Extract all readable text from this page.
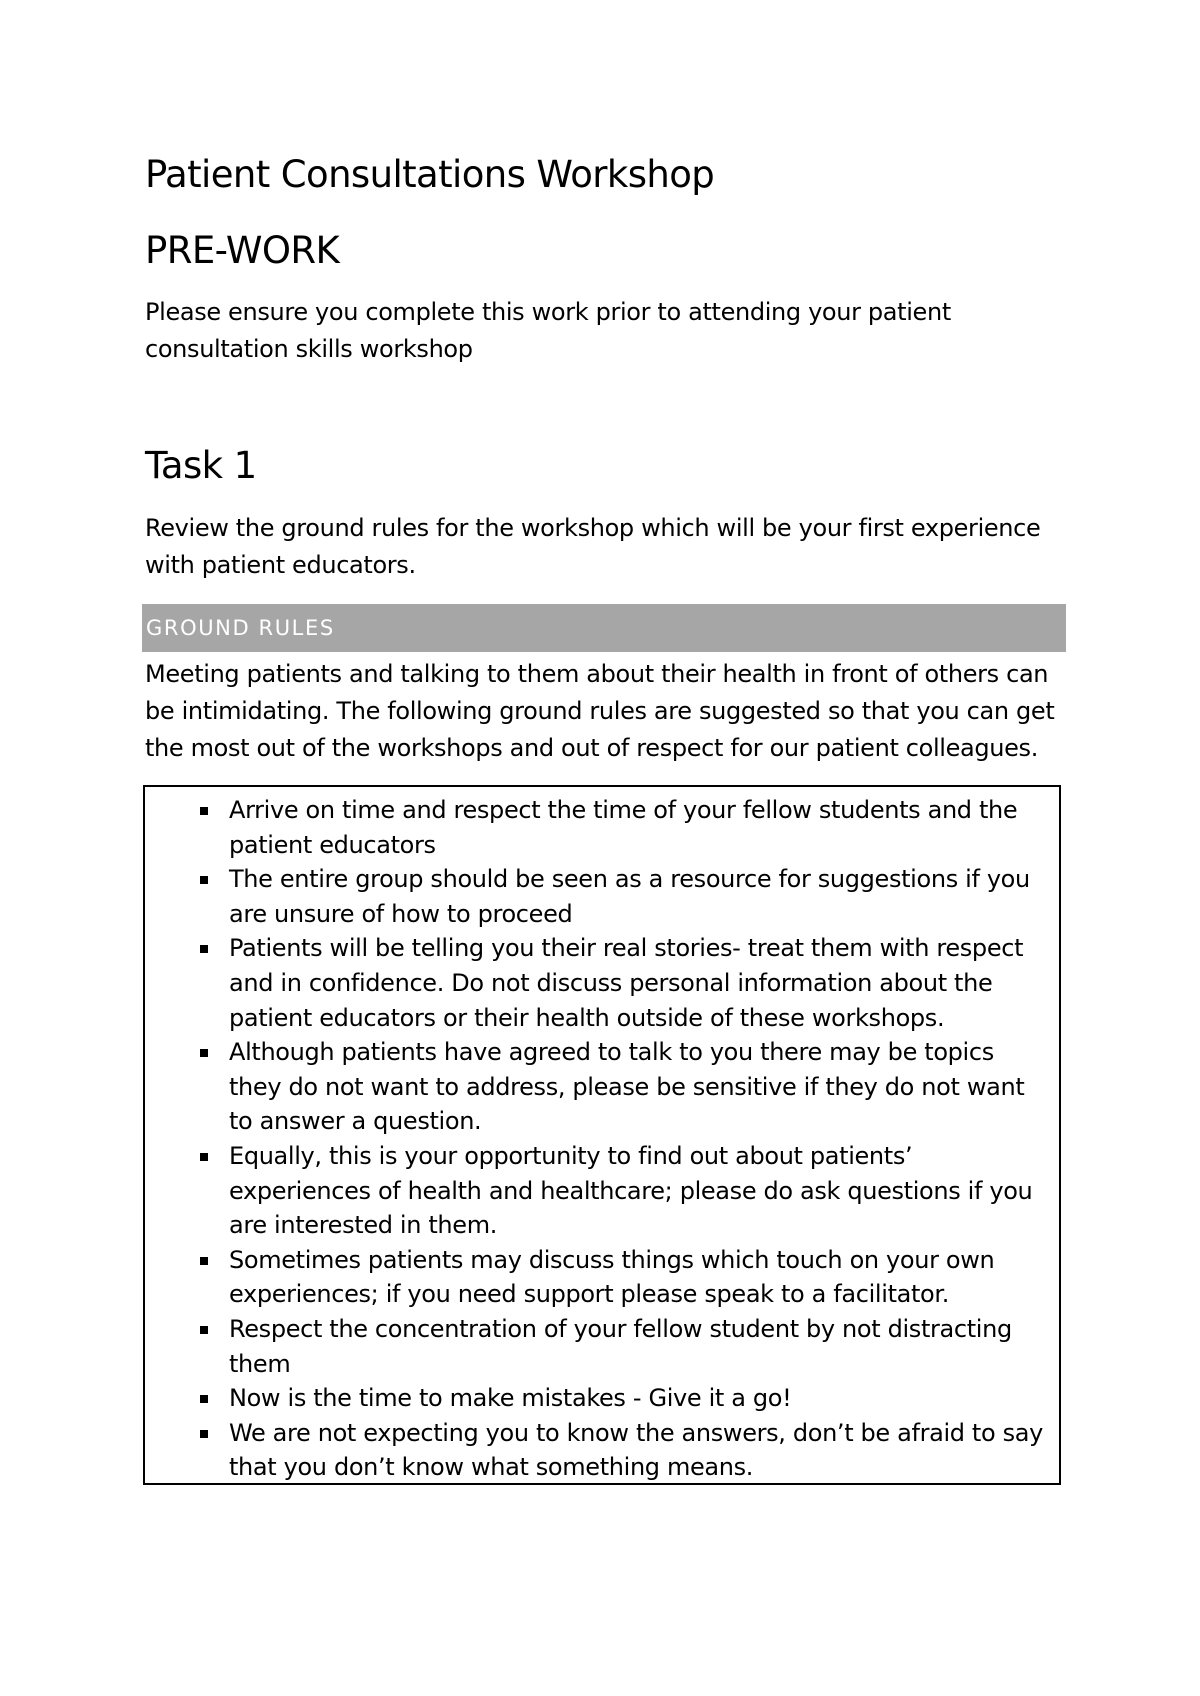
Patient Consultations Workshop
PRE-WORK

Please ensure you complete this work prior to attending your patient consultation skills workshop

Task 1

Review the ground rules for the workshop which will be your first experience with patient educators.

GROUND RULES

Meeting patients and talking to them about their health in front of others can be intimidating. The following ground rules are suggested so that you can get the most out of the workshops and out of respect for our patient colleagues.

Arrive on time and respect the time of your fellow students and the patient educators
The entire group should be seen as a resource for suggestions if you are unsure of how to proceed
Patients will be telling you their real stories- treat them with respect and in confidence. Do not discuss personal information about the patient educators or their health outside of these workshops.
Although patients have agreed to talk to you there may be topics they do not want to address, please be sensitive if they do not want to answer a question.
Equally, this is your opportunity to find out about patients’ experiences of health and healthcare; please do ask questions if you are interested in them.
Sometimes patients may discuss things which touch on your own experiences; if you need support please speak to a facilitator.
Respect the concentration of your fellow student by not distracting them
Now is the time to make mistakes - Give it a go!
We are not expecting you to know the answers, don’t be afraid to say that you don’t know what something means.
